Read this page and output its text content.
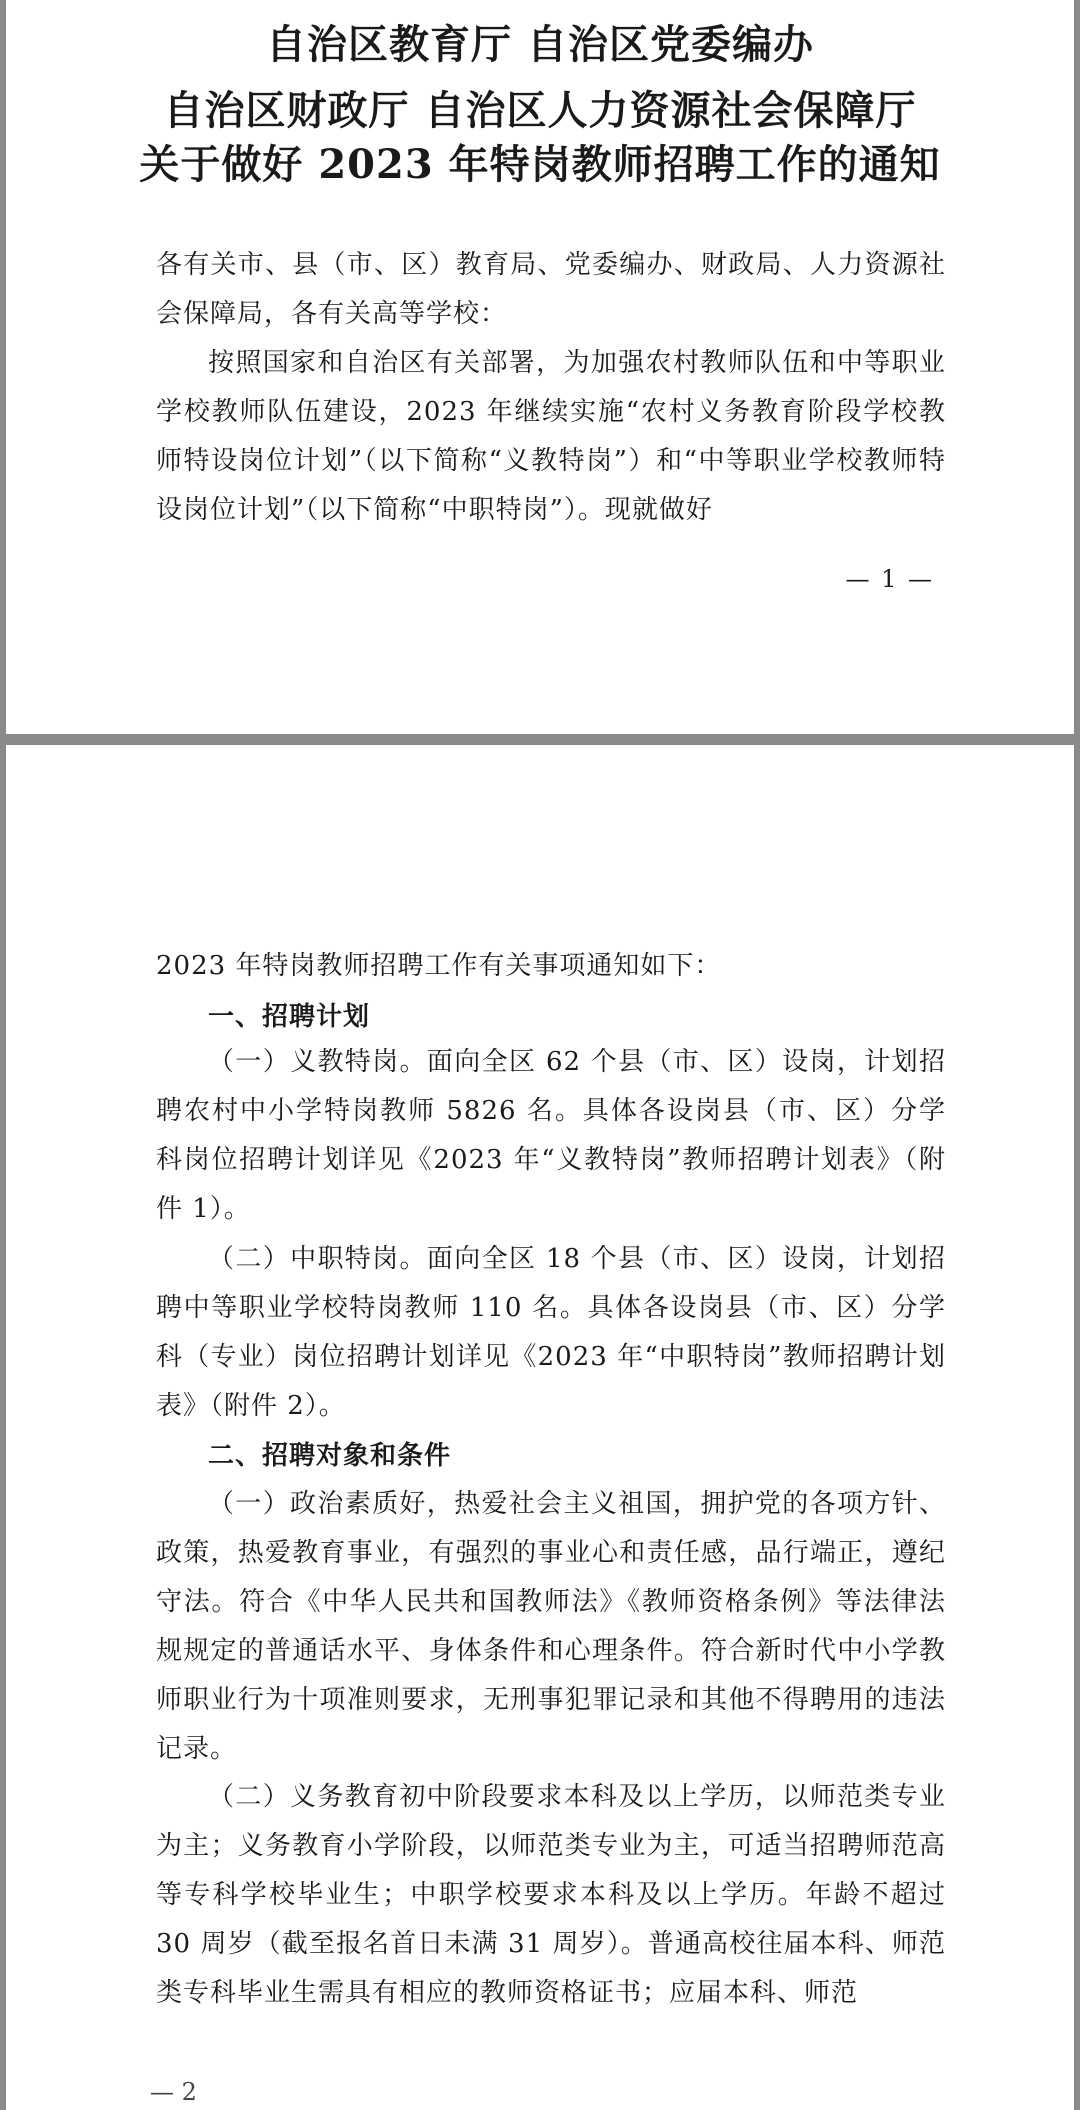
自治区教育厅 自治区党委编办
自治区财政厅 自治区人力资源社会保障厅
关于做好 2023 年特岗教师招聘工作的通知
各有关市、县（市、区）教育局、党委编办、财政局、人力资源社会保障局，各有关高等学校：
按照国家和自治区有关部署，为加强农村教师队伍和中等职业学校教师队伍建设，2023 年继续实施“农村义务教育阶段学校教师特设岗位计划”（以下简称“义教特岗”）和“中等职业学校教师特设岗位计划”（以下简称“中职特岗”）。现就做好
— 1 —
2023 年特岗教师招聘工作有关事项通知如下：
一、招聘计划
（一）义教特岗。面向全区 62 个县（市、区）设岗，计划招聘农村中小学特岗教师 5826 名。具体各设岗县（市、区）分学科岗位招聘计划详见《2023 年“义教特岗”教师招聘计划表》（附件 1）。
（二）中职特岗。面向全区 18 个县（市、区）设岗，计划招聘中等职业学校特岗教师 110 名。具体各设岗县（市、区）分学科（专业）岗位招聘计划详见《2023 年“中职特岗”教师招聘计划表》（附件 2）。
二、招聘对象和条件
（一）政治素质好，热爱社会主义祖国，拥护党的各项方针、政策，热爱教育事业，有强烈的事业心和责任感，品行端正，遵纪守法。符合《中华人民共和国教师法》《教师资格条例》等法律法规规定的普通话水平、身体条件和心理条件。符合新时代中小学教师职业行为十项准则要求，无刑事犯罪记录和其他不得聘用的违法记录。
（二）义务教育初中阶段要求本科及以上学历，以师范类专业为主；义务教育小学阶段，以师范类专业为主，可适当招聘师范高等专科学校毕业生；中职学校要求本科及以上学历。年龄不超过 30 周岁（截至报名首日未满 31 周岁）。普通高校往届本科、师范类专科毕业生需具有相应的教师资格证书；应届本科、师范
— 2
